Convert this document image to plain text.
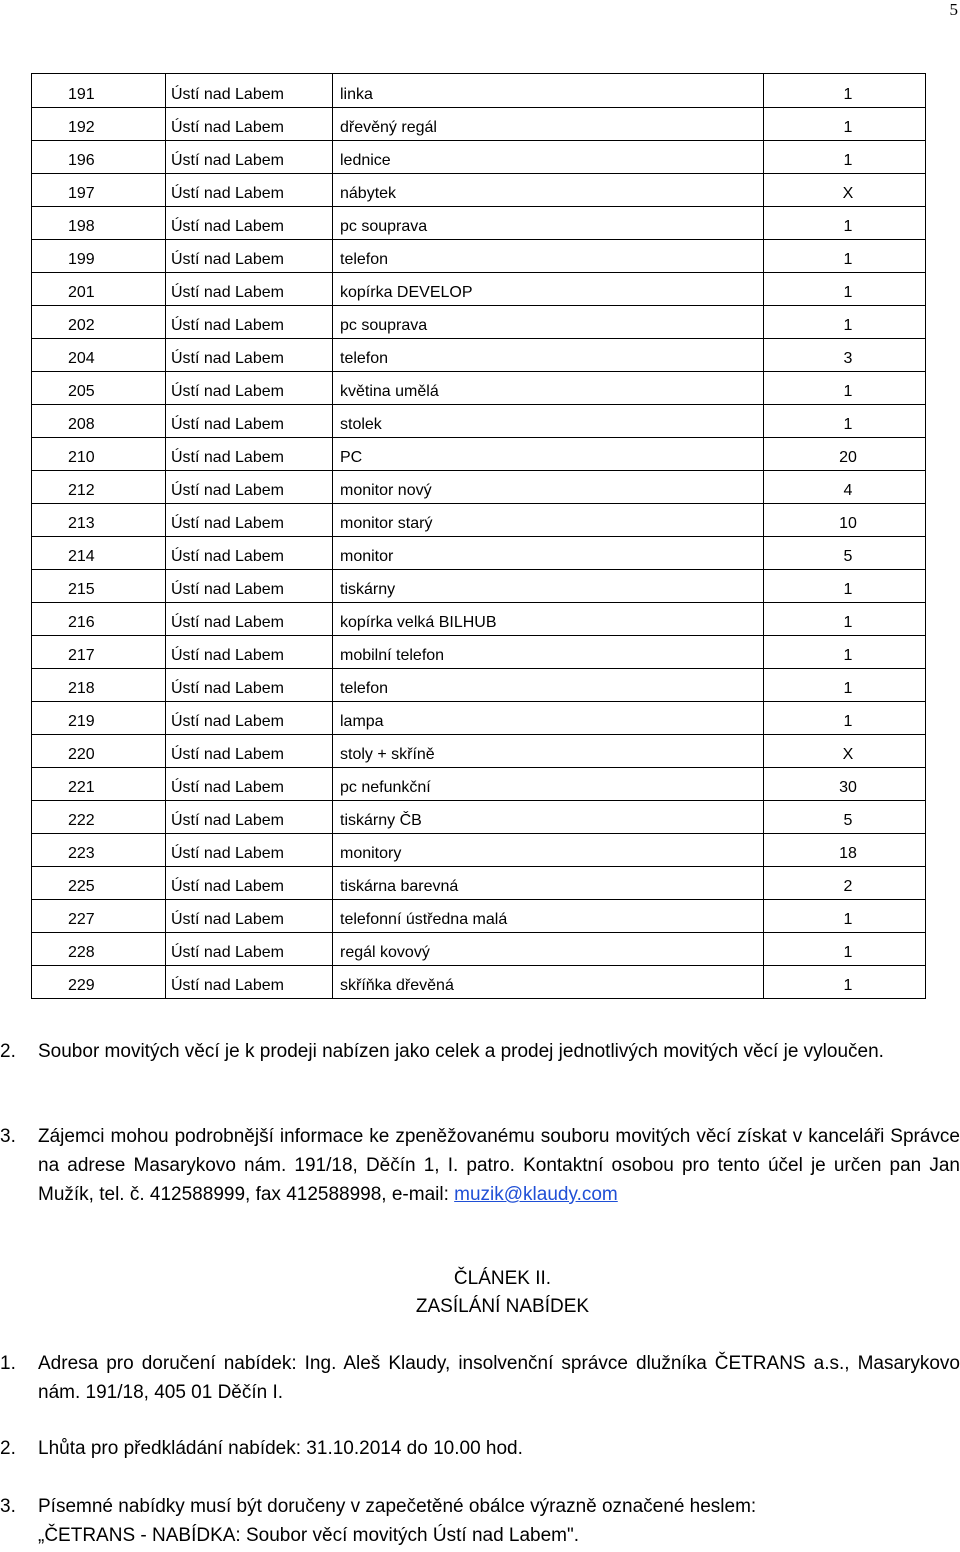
5
191	Ústí nad Labem	linka	1
192	Ústí nad Labem	dřevěný regál	1
196	Ústí nad Labem	lednice	1
197	Ústí nad Labem	nábytek	X
198	Ústí nad Labem	pc souprava	1
199	Ústí nad Labem	telefon	1
201	Ústí nad Labem	kopírka DEVELOP	1
202	Ústí nad Labem	pc souprava	1
204	Ústí nad Labem	telefon	3
205	Ústí nad Labem	květina umělá	1
208	Ústí nad Labem	stolek	1
210	Ústí nad Labem	PC	20
212	Ústí nad Labem	monitor nový	4
213	Ústí nad Labem	monitor starý	10
214	Ústí nad Labem	monitor	5
215	Ústí nad Labem	tiskárny	1
216	Ústí nad Labem	kopírka velká BILHUB	1
217	Ústí nad Labem	mobilní telefon	1
218	Ústí nad Labem	telefon	1
219	Ústí nad Labem	lampa	1
220	Ústí nad Labem	stoly + skříně	X
221	Ústí nad Labem	pc nefunkční	30
222	Ústí nad Labem	tiskárny ČB	5
223	Ústí nad Labem	monitory	18
225	Ústí nad Labem	tiskárna barevná	2
227	Ústí nad Labem	telefonní ústředna malá	1
228	Ústí nad Labem	regál kovový	1
229	Ústí nad Labem	skříňka dřevěná	1
2. Soubor movitých věcí je k prodeji nabízen jako celek a prodej jednotlivých movitých věcí je vyloučen.
3. Zájemci mohou podrobnější informace ke zpeněžovanému souboru movitých věcí získat v kanceláři Správce na adrese Masarykovo nám. 191/18, Děčín 1, I. patro. Kontaktní osobou pro tento účel je určen pan Jan Mužík, tel. č. 412588999, fax 412588998, e-mail: muzik@klaudy.com
ČLÁNEK II.
ZASÍLÁNÍ NABÍDEK
1. Adresa pro doručení nabídek: Ing. Aleš Klaudy, insolvenční správce dlužníka ČETRANS a.s., Masarykovo nám. 191/18, 405 01 Děčín I.
2. Lhůta pro předkládání nabídek: 31.10.2014 do 10.00 hod.
3. Písemné nabídky musí být doručeny v zapečetěné obálce výrazně označené heslem:
„ČETRANS - NABÍDKA: Soubor věcí movitých Ústí nad Labem".
